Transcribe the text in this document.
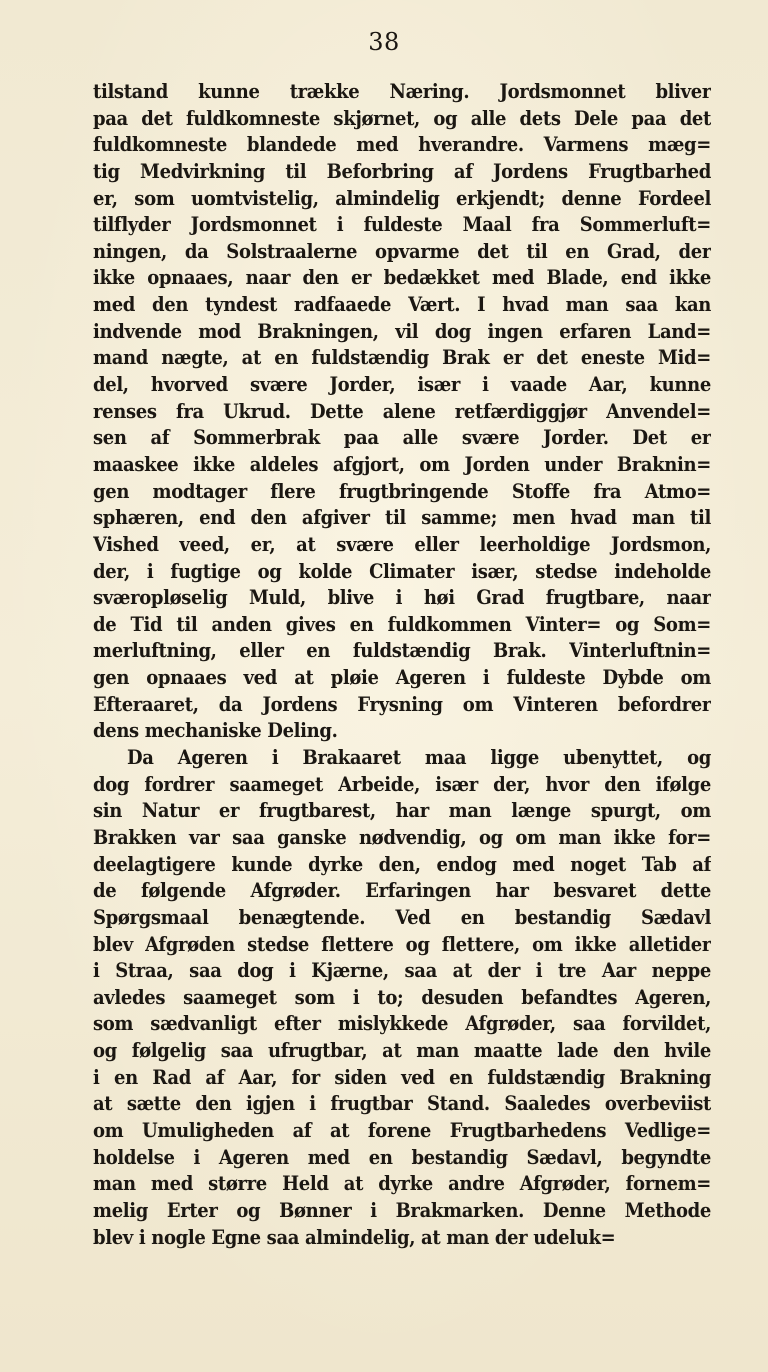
38
tilstand kunne trække Næring. Jordsmonnet bliver
paa det fuldkomneste skjørnet, og alle dets Dele paa det
fuldkomneste blandede med hverandre. Varmens mæg=
tig Medvirkning til Beforbring af Jordens Frugtbarhed
er, som uomtvistelig, almindelig erkjendt; denne Fordeel
tilflyder Jordsmonnet i fuldeste Maal fra Sommerluft=
ningen, da Solstraalerne opvarme det til en Grad, der
ikke opnaaes, naar den er bedækket med Blade, end ikke
med den tyndest radfaaede Vært. I hvad man saa kan
indvende mod Brakningen, vil dog ingen erfaren Land=
mand nægte, at en fuldstændig Brak er det eneste Mid=
del, hvorved svære Jorder, især i vaade Aar, kunne
renses fra Ukrud. Dette alene retfærdiggjør Anvendel=
sen af Sommerbrak paa alle svære Jorder. Det er
maaskee ikke aldeles afgjort, om Jorden under Braknin=
gen modtager flere frugtbringende Stoffe fra Atmo=
sphæren, end den afgiver til samme; men hvad man til
Vished veed, er, at svære eller leerholdige Jordsmon,
der, i fugtige og kolde Climater især, stedse indeholde
sværopløselig Muld, blive i høi Grad frugtbare, naar
de Tid til anden gives en fuldkommen Vinter= og Som=
merluftning, eller en fuldstændig Brak. Vinterluftnin=
gen opnaaes ved at pløie Ageren i fuldeste Dybde om
Efteraaret, da Jordens Frysning om Vinteren befordrer
dens mechaniske Deling.
Da Ageren i Brakaaret maa ligge ubenyttet, og
dog fordrer saameget Arbeide, især der, hvor den ifølge
sin Natur er frugtbarest, har man længe spurgt, om
Brakken var saa ganske nødvendig, og om man ikke for=
deelagtigere kunde dyrke den, endog med noget Tab af
de følgende Afgrøder. Erfaringen har besvaret dette
Spørgsmaal benægtende. Ved en bestandig Sædavl
blev Afgrøden stedse flettere og flettere, om ikke alletider
i Straa, saa dog i Kjærne, saa at der i tre Aar neppe
avledes saameget som i to; desuden befandtes Ageren,
som sædvanligt efter mislykkede Afgrøder, saa forvildet,
og følgelig saa ufrugtbar, at man maatte lade den hvile
i en Rad af Aar, for siden ved en fuldstændig Brakning
at sætte den igjen i frugtbar Stand. Saaledes overbeviist
om Umuligheden af at forene Frugtbarhedens Vedlige=
holdelse i Ageren med en bestandig Sædavl, begyndte
man med større Held at dyrke andre Afgrøder, fornem=
melig Erter og Bønner i Brakmarken. Denne Methode
blev i nogle Egne saa almindelig, at man der udeluk=
